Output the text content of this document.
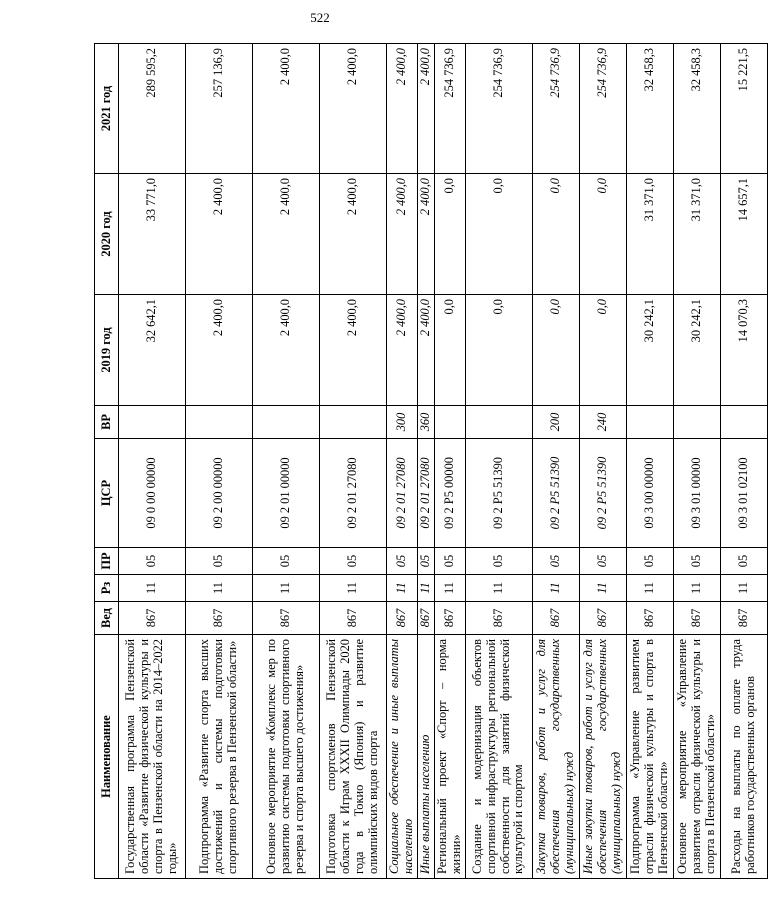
522
Наименование	Вед	Рз	ПР	ЦСР	ВР	2019 год	2020 год	2021 год
Государственная программа Пензенской области «Развитие физической культуры и спорта в Пензенской области на 2014–2022 годы»	867	11	05	09 0 00 00000		32 642,1	33 771,0	289 595,2
Подпрограмма «Развитие спорта высших достижений и системы подготовки спортивного резерва в Пензенской области»	867	11	05	09 2 00 00000		2 400,0	2 400,0	257 136,9
Основное мероприятие «Комплекс мер по развитию системы подготовки спортивного резерва и спорта высшего достижения»	867	11	05	09 2 01 00000		2 400,0	2 400,0	2 400,0
Подготовка спортсменов Пензенской области к Играм XXXII Олимпиады 2020 года в Токио (Япония) и развитие олимпийских видов спорта	867	11	05	09 2 01 27080		2 400,0	2 400,0	2 400,0
Социальное обеспечение и иные выплаты населению	867	11	05	09 2 01 27080	300	2 400,0	2 400,0	2 400,0
Иные выплаты населению	867	11	05	09 2 01 27080	360	2 400,0	2 400,0	2 400,0
Региональный проект «Спорт – норма жизни»	867	11	05	09 2 P5 00000		0,0	0,0	254 736,9
Создание и модернизация объектов спортивной инфраструктуры региональной собственности для занятий физической культурой и спортом	867	11	05	09 2 P5 51390		0,0	0,0	254 736,9
Закупка товаров, работ и услуг для обеспечения государственных (муниципальных) нужд	867	11	05	09 2 P5 51390	200	0,0	0,0	254 736,9
Иные закупки товаров, работ и услуг для обеспечения государственных (муниципальных) нужд	867	11	05	09 2 P5 51390	240	0,0	0,0	254 736,9
Подпрограмма «Управление развитием отрасли физической культуры и спорта в Пензенской области»	867	11	05	09 3 00 00000		30 242,1	31 371,0	32 458,3
Основное мероприятие «Управление развитием отрасли физической культуры и спорта в Пензенской области»	867	11	05	09 3 01 00000		30 242,1	31 371,0	32 458,3
Расходы на выплаты по оплате труда работников государственных органов	867	11	05	09 3 01 02100		14 070,3	14 657,1	15 221,5
